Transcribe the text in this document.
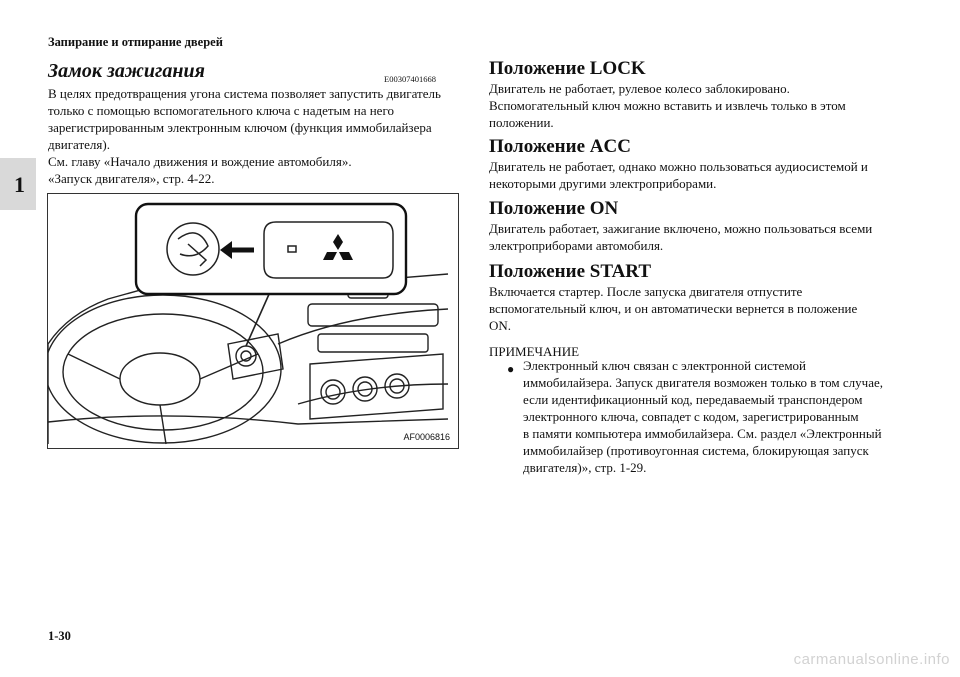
Запирание и отпирание дверей
1
Замок зажигания	E00307401668

В целях предотвращения угона система позволяет запустить двигатель

только с помощью вспомогательного ключа с надетым на него

зарегистрированным электронным ключом (функция иммобилайзера

двигателя).

См. главу «Начало движения и вождение автомобиля».

«Запуск двигателя», стр. 4-22.

AF0006816
Положение LOCK

Двигатель не работает, рулевое колесо заблокировано.

Вспомогательный ключ можно вставить и извлечь только в этом

положении.

Положение ACC

Двигатель не работает, однако можно пользоваться аудиосистемой и

некоторыми другими электроприборами.

Положение ON

Двигатель работает, зажигание включено, можно пользоваться всеми

электроприборами автомобиля.

Положение START

Включается стартер. После запуска двигателя отпустите

вспомогательный ключ, и он автоматически вернется в положение

ON.

ПРИМЕЧАНИЕ
● Электронный ключ связан с электронной системой

иммобилайзера. Запуск двигателя возможен только в том случае,

если идентификационный код, передаваемый транспондером

электронного ключа, совпадет с кодом, зарегистрированным

в памяти компьютера иммобилайзера. См. раздел «Электронный

иммобилайзер (противоугонная система, блокирующая запуск

двигателя)», стр. 1-29.

1-30
carmanualsonline.info
